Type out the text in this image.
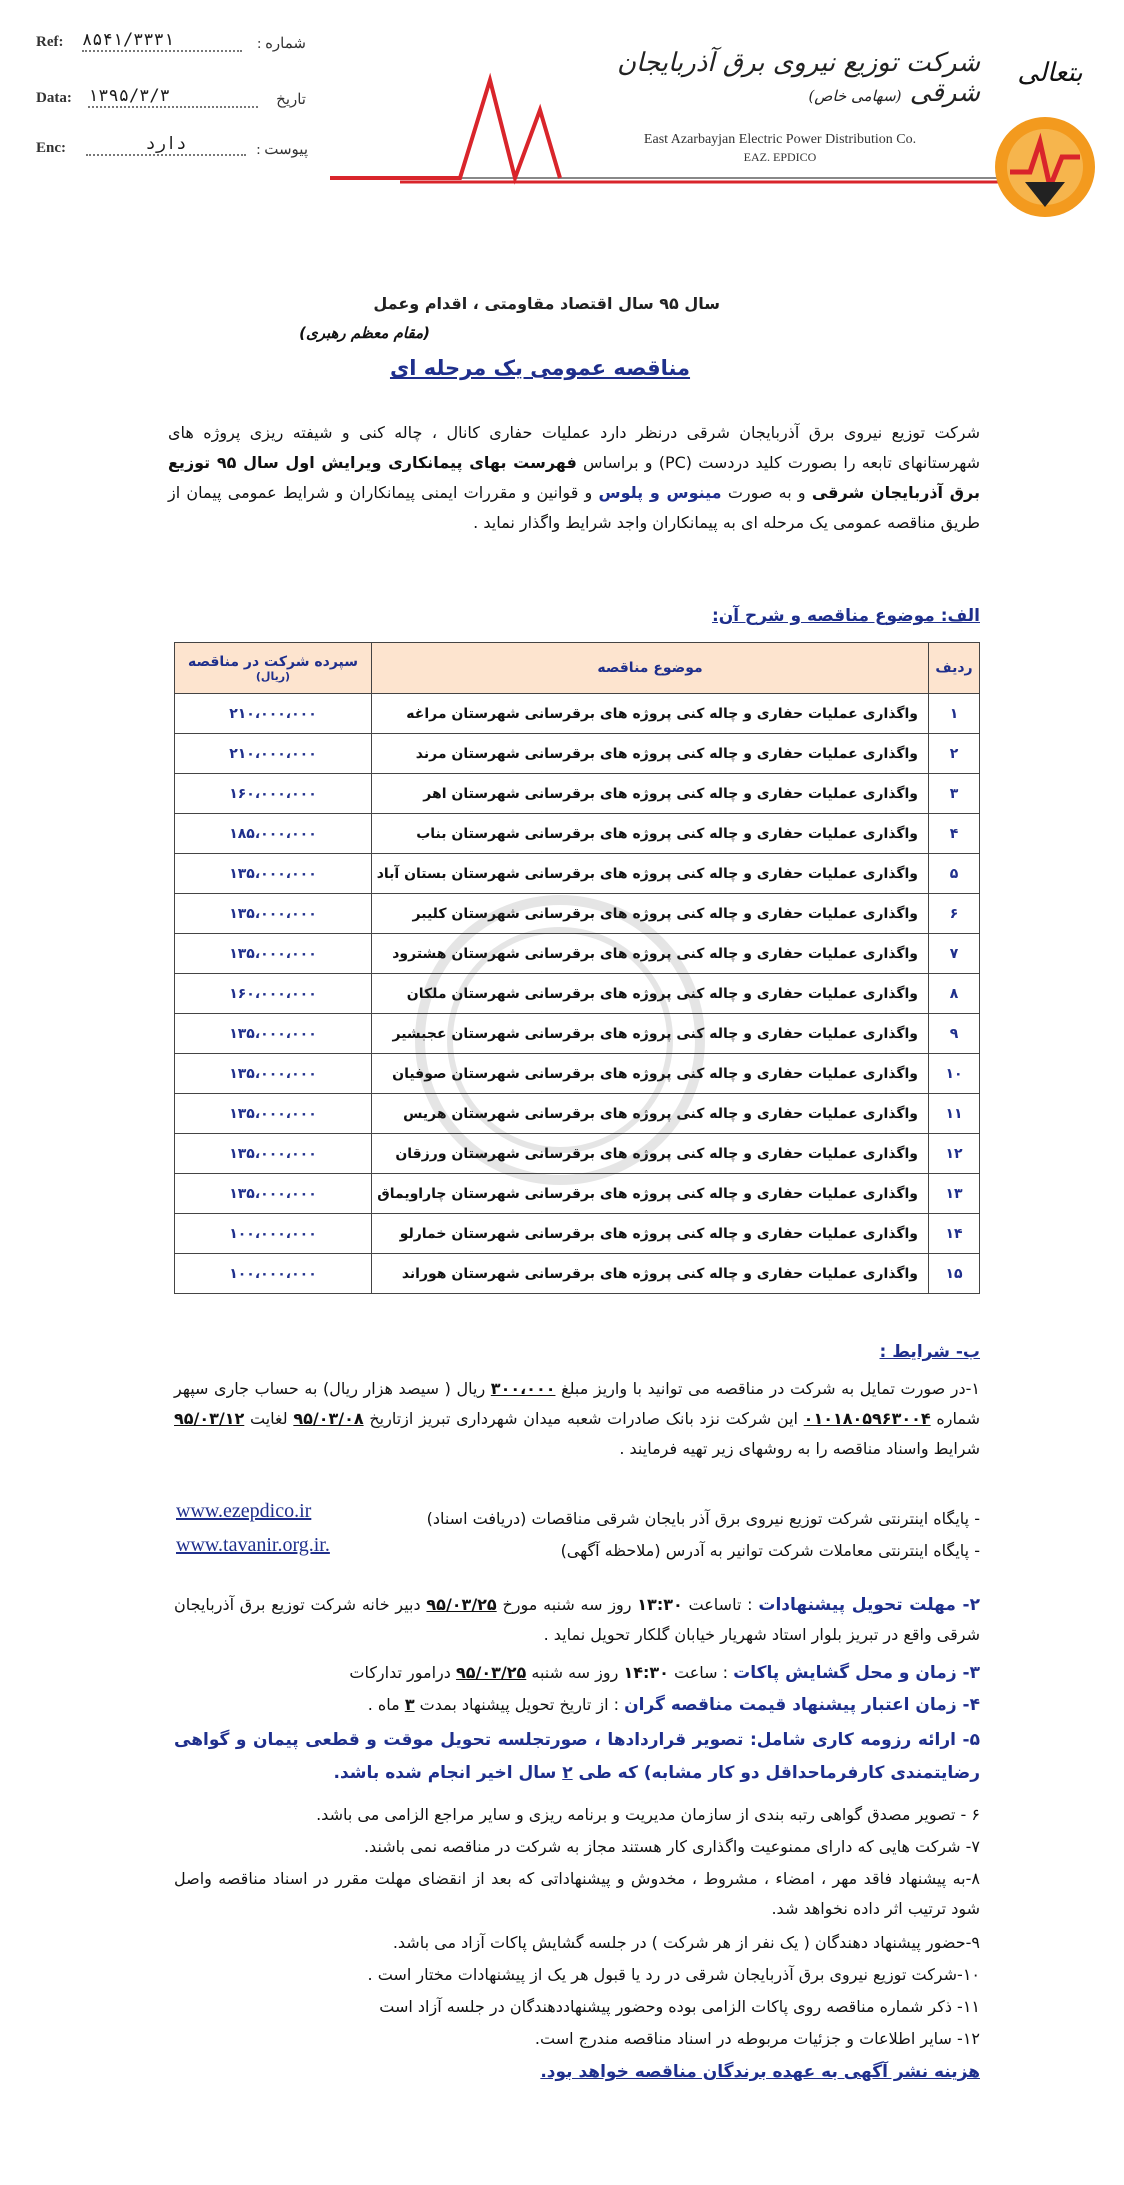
Ref: ۸۵۴۱/۳۳۳۱	شماره :
Data: ۱۳۹۵/۳/۳	تاریخ
Enc:	دارد	پیوست :
شرکت توزیع نیروی برق آذربایجان شرقی (سهامی خاص)
East Azarbayjan Electric Power Distribution Co.
EAZ. EPDICO
بتعالی
سال ۹۵ سال اقتصاد مقاومتی ، اقدام وعمل
(مقام معظم رهبری)
مناقصه عمومی یک مرحله ای
شرکت توزیع نیروی برق آذربایجان شرقی درنظر دارد عملیات حفاری کانال ، چاله کنی و شیفته ریزی پروژه های شهرستانهای تابعه را بصورت کلید دردست (PC) و براساس فهرست بهای پیمانکاری ویرایش اول سال ۹۵ توزیع برق آذربایجان شرقی و به صورت مینوس و پلوس و قوانین و مقررات ایمنی پیمانکاران و شرایط عمومی پیمان از طریق مناقصه عمومی یک مرحله ای به پیمانکاران واجد شرایط واگذار نماید .
الف: موضوع مناقصه و شرح آن:
ردیف	موضوع مناقصه	سپرده شرکت در مناقصه
(ریال)

۱	واگذاری عملیات حفاری و چاله کنی پروژه های برقرسانی شهرستان مراغه	۲۱۰،۰۰۰،۰۰۰
۲	واگذاری عملیات حفاری و چاله کنی پروژه های برقرسانی شهرستان مرند	۲۱۰،۰۰۰،۰۰۰
۳	واگذاری عملیات حفاری و چاله کنی پروژه های برقرسانی شهرستان اهر	۱۶۰،۰۰۰،۰۰۰
۴	واگذاری عملیات حفاری و چاله کنی پروژه های برقرسانی شهرستان بناب	۱۸۵،۰۰۰،۰۰۰
۵	واگذاری عملیات حفاری و چاله کنی پروژه های برقرسانی شهرستان بستان آباد	۱۳۵،۰۰۰،۰۰۰
۶	واگذاری عملیات حفاری و چاله کنی پروژه های برقرسانی شهرستان کلیبر	۱۳۵،۰۰۰،۰۰۰
۷	واگذاری عملیات حفاری و چاله کنی پروژه های برقرسانی شهرستان هشترود	۱۳۵،۰۰۰،۰۰۰
۸	واگذاری عملیات حفاری و چاله کنی پروژه های برقرسانی شهرستان ملکان	۱۶۰،۰۰۰،۰۰۰
۹	واگذاری عملیات حفاری و چاله کنی پروژه های برقرسانی شهرستان عجبشیر	۱۳۵،۰۰۰،۰۰۰
۱۰	واگذاری عملیات حفاری و چاله کنی پروژه های برقرسانی شهرستان صوفیان	۱۳۵،۰۰۰،۰۰۰
۱۱	واگذاری عملیات حفاری و چاله کنی پروژه های برقرسانی شهرستان هریس	۱۳۵،۰۰۰،۰۰۰
۱۲	واگذاری عملیات حفاری و چاله کنی پروژه های برقرسانی شهرستان ورزقان	۱۳۵،۰۰۰،۰۰۰
۱۳	واگذاری عملیات حفاری و چاله کنی پروژه های برقرسانی شهرستان چاراویماق	۱۳۵،۰۰۰،۰۰۰
۱۴	واگذاری عملیات حفاری و چاله کنی پروژه های برقرسانی شهرستان خمارلو	۱۰۰،۰۰۰،۰۰۰
۱۵	واگذاری عملیات حفاری و چاله کنی پروژه های برقرسانی شهرستان هوراند	۱۰۰،۰۰۰،۰۰۰
ب- شرایط :
۱-در صورت تمایل به شرکت در مناقصه می توانید با واریز مبلغ ۳۰۰،۰۰۰ ریال ( سیصد هزار ریال) به حساب جاری سپهر شماره ۰۱۰۱۸۰۵۹۶۳۰۰۴ این شرکت نزد بانک صادرات شعبه میدان شهرداری تبریز ازتاریخ ۹۵/۰۳/۰۸ لغایت ۹۵/۰۳/۱۲ شرایط واسناد مناقصه را به روشهای زیر تهیه فرمایند .
- پایگاه اینترنتی شرکت توزیع نیروی برق آذر بایجان شرقی مناقصات (دریافت اسناد)
www.ezepdico.ir
- پایگاه اینترنتی معاملات شرکت توانیر به آدرس (ملاحظه آگهی)
www.tavanir.org.ir.
۲- مهلت تحویل پیشنهادات : تاساعت ۱۳:۳۰ روز سه شنبه مورخ ۹۵/۰۳/۲۵ دبیر خانه شرکت توزیع برق آذربایجان شرقی واقع در تبریز بلوار استاد شهریار خیابان گلکار تحویل نماید .
۳- زمان و محل گشایش پاکات : ساعت ۱۴:۳۰ روز سه شنبه ۹۵/۰۳/۲۵ درامور تدارکات
۴- زمان اعتبار پیشنهاد قیمت مناقصه گران : از تاریخ تحویل پیشنهاد بمدت ۳ ماه .
۵- ارائه رزومه کاری شامل: تصویر قراردادها ، صورتجلسه تحویل موقت و قطعی پیمان و گواهی رضایتمندی کارفرماحداقل دو کار مشابه) که طی ۲ سال اخیر انجام شده باشد.
۶ - تصویر مصدق گواهی رتبه بندی از سازمان مدیریت و برنامه ریزی و سایر مراجع الزامی می باشد.
۷- شرکت هایی که دارای ممنوعیت واگذاری کار هستند مجاز به شرکت در مناقصه نمی باشند.
۸-به پیشنهاد فاقد مهر ، امضاء ، مشروط ، مخدوش و پیشنهاداتی که بعد از انقضای مهلت مقرر در اسناد مناقصه واصل شود ترتیب اثر داده نخواهد شد.
۹-حضور پیشنهاد دهندگان ( یک نفر از هر شرکت ) در جلسه گشایش پاکات آزاد می باشد.
۱۰-شرکت توزیع نیروی برق آذربایجان شرقی در رد یا قبول هر یک از پیشنهادات مختار است .
۱۱- ذکر شماره مناقصه روی پاکات الزامی بوده وحضور پیشنهاددهندگان در جلسه آزاد است
۱۲- سایر اطلاعات و جزئیات مربوطه در اسناد مناقصه مندرج است.
هزینه نشر آگهی به عهده برندگان مناقصه خواهد بود.
